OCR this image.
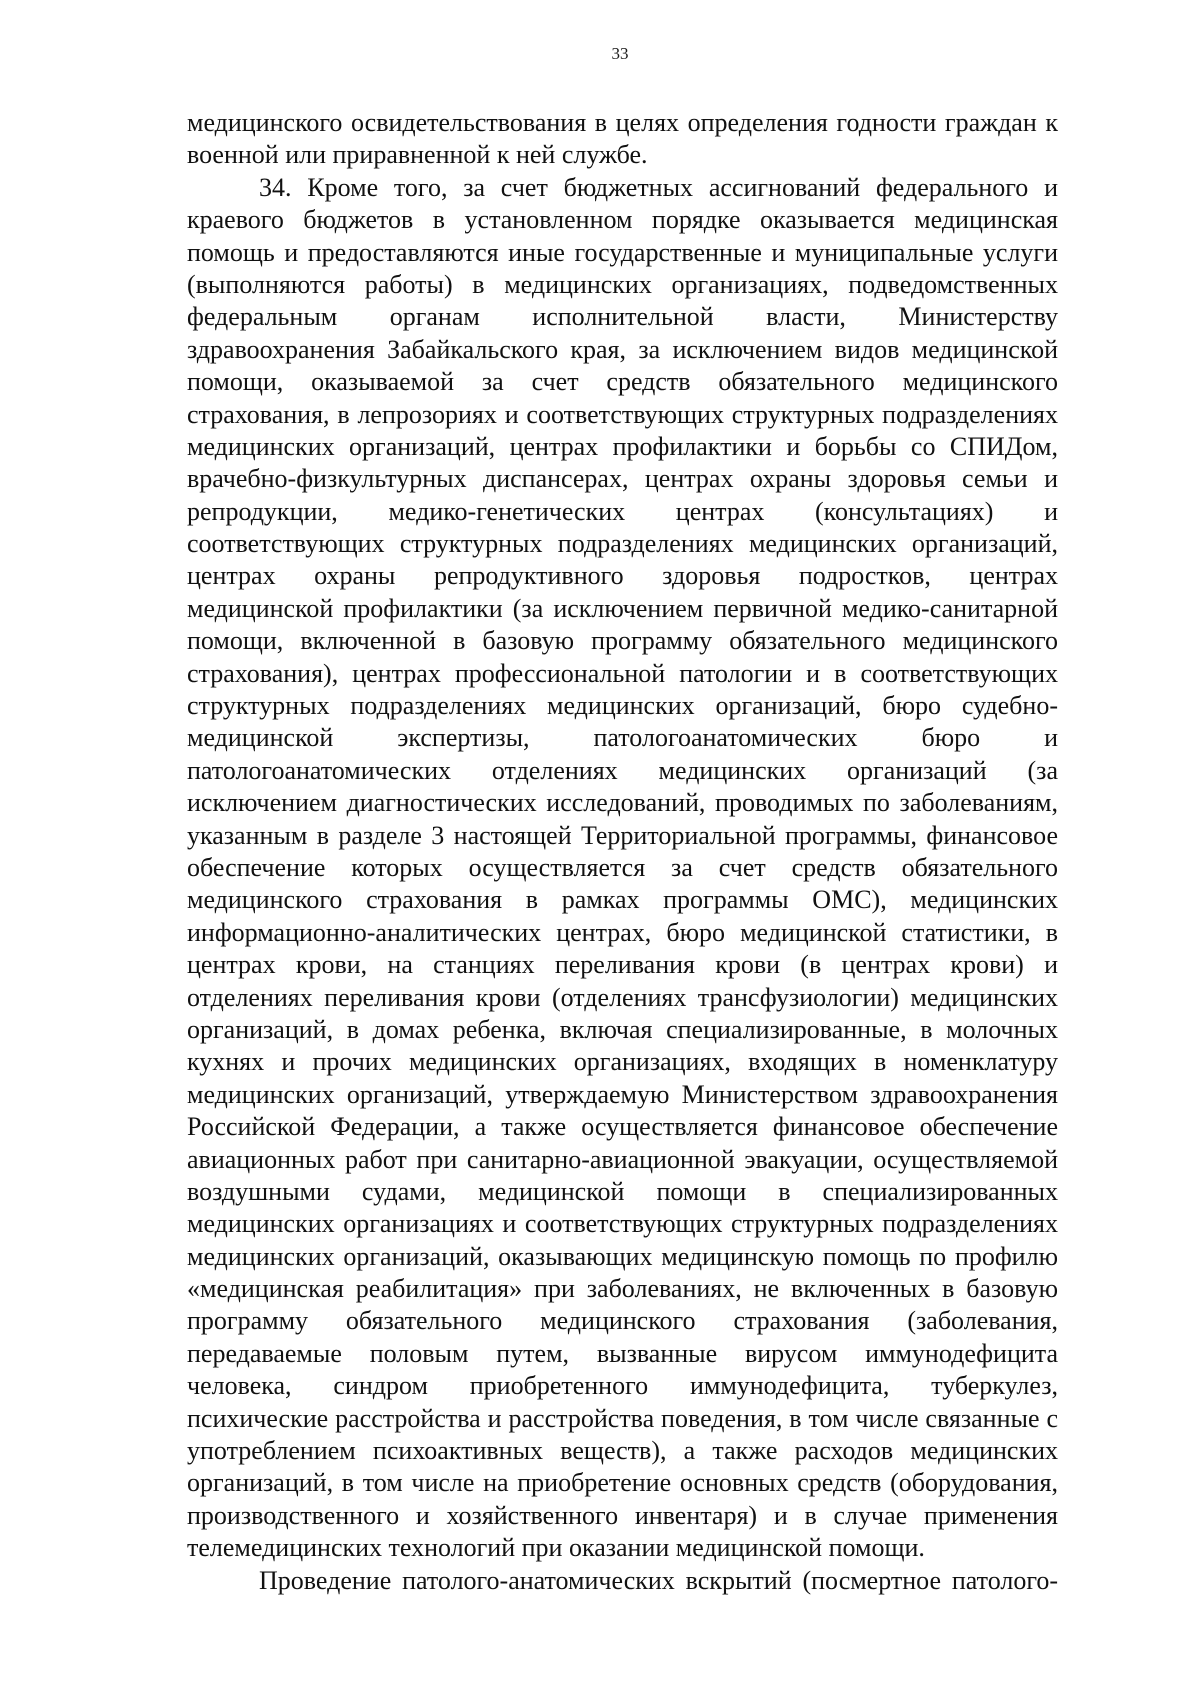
33
медицинского освидетельствования в целях определения годности граждан к
военной или приравненной к ней службе.
34. Кроме того, за счет бюджетных ассигнований федерального и
краевого бюджетов в установленном порядке оказывается медицинская
помощь и предоставляются иные государственные и муниципальные услуги
(выполняются работы) в медицинских организациях, подведомственных
федеральным органам исполнительной власти, Министерству
здравоохранения Забайкальского края, за исключением видов медицинской
помощи, оказываемой за счет средств обязательного медицинского
страхования, в лепрозориях и соответствующих структурных подразделениях
медицинских организаций, центрах профилактики и борьбы со СПИДом,
врачебно-физкультурных диспансерах, центрах охраны здоровья семьи и
репродукции, медико-генетических центрах (консультациях) и
соответствующих структурных подразделениях медицинских организаций,
центрах охраны репродуктивного здоровья подростков, центрах
медицинской профилактики (за исключением первичной медико-санитарной
помощи, включенной в базовую программу обязательного медицинского
страхования), центрах профессиональной патологии и в соответствующих
структурных подразделениях медицинских организаций, бюро судебно-
медицинской экспертизы, патологоанатомических бюро и
патологоанатомических отделениях медицинских организаций (за
исключением диагностических исследований, проводимых по заболеваниям,
указанным в разделе 3 настоящей Территориальной программы, финансовое
обеспечение которых осуществляется за счет средств обязательного
медицинского страхования в рамках программы ОМС), медицинских
информационно-аналитических центрах, бюро медицинской статистики, в
центрах крови, на станциях переливания крови (в центрах крови) и
отделениях переливания крови (отделениях трансфузиологии) медицинских
организаций, в домах ребенка, включая специализированные, в молочных
кухнях и прочих медицинских организациях, входящих в номенклатуру
медицинских организаций, утверждаемую Министерством здравоохранения
Российской Федерации, а также осуществляется финансовое обеспечение
авиационных работ при санитарно-авиационной эвакуации, осуществляемой
воздушными судами, медицинской помощи в специализированных
медицинских организациях и соответствующих структурных подразделениях
медицинских организаций, оказывающих медицинскую помощь по профилю
«медицинская реабилитация» при заболеваниях, не включенных в базовую
программу обязательного медицинского страхования (заболевания,
передаваемые половым путем, вызванные вирусом иммунодефицита
человека, синдром приобретенного иммунодефицита, туберкулез,
психические расстройства и расстройства поведения, в том числе связанные с
употреблением психоактивных веществ), а также расходов медицинских
организаций, в том числе на приобретение основных средств (оборудования,
производственного и хозяйственного инвентаря) и в случае применения
телемедицинских технологий при оказании медицинской помощи.
Проведение патолого-анатомических вскрытий (посмертное патолого-
